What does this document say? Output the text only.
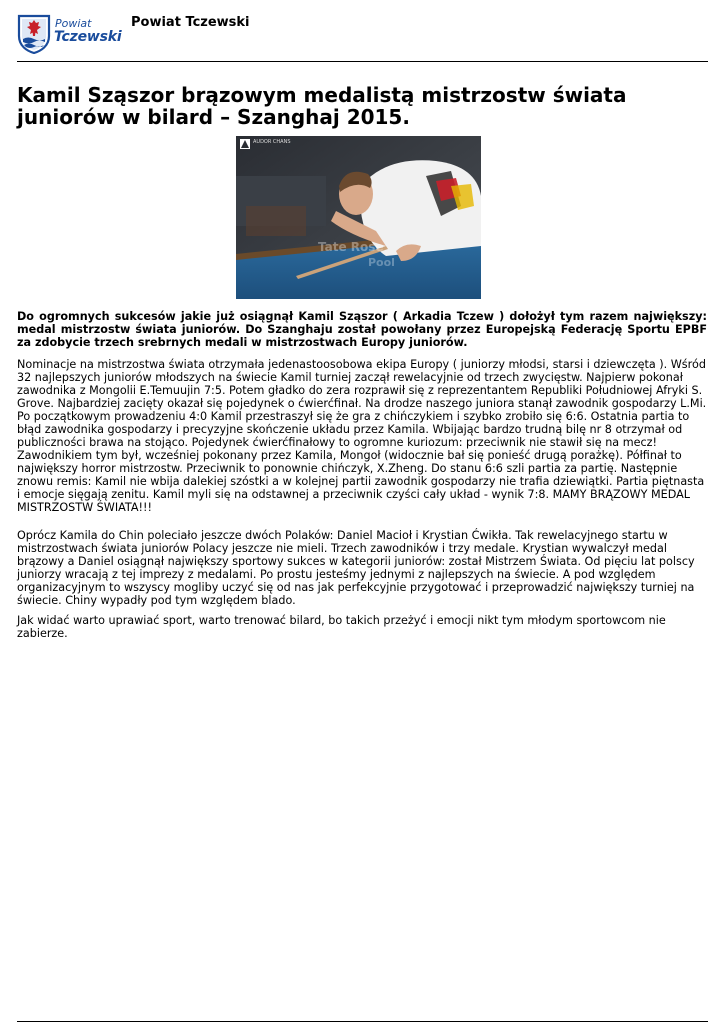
Powiat
Tczewski
Powiat Tczewski
Kamil Sząszor brązowym medalistą mistrzostw świata juniorów w bilard – Szanghaj 2015.
AUDOR CHANS
Tate Rose
Pool

Do ogromnych sukcesów jakie już osiągnął Kamil Sząszor ( Arkadia Tczew ) dołożył tym razem największy: medal mistrzostw świata juniorów. Do Szanghaju został powołany przez Europejską Federację Sportu EPBF za zdobycie trzech srebrnych medali w mistrzostwach Europy juniorów.

Nominacje na mistrzostwa świata otrzymała jedenastoosobowa ekipa Europy ( juniorzy młodsi, starsi i dziewczęta ). Wśród 32 najlepszych juniorów młodszych na świecie Kamil turniej zaczął rewelacyjnie od trzech zwycięstw. Najpierw pokonał zawodnika z Mongolii E.Temuujin 7:5. Potem gładko do zera rozprawił się z reprezentantem Republiki Południowej Afryki S. Grove. Najbardziej zacięty okazał się pojedynek o ćwierćfinał. Na drodze naszego juniora stanął zawodnik gospodarzy L.Mi. Po początkowym prowadzeniu 4:0 Kamil przestraszył się że gra z chińczykiem i szybko zrobiło się 6:6. Ostatnia partia to błąd zawodnika gospodarzy i precyzyjne skończenie układu przez Kamila. Wbijając bardzo trudną bilę nr 8 otrzymał od publiczności brawa na stojąco. Pojedynek ćwierćfinałowy to ogromne kuriozum: przeciwnik nie stawił się na mecz! Zawodnikiem tym był, wcześniej pokonany przez Kamila, Mongoł (widocznie bał się ponieść drugą porażkę). Półfinał to największy horror mistrzostw. Przeciwnik to ponownie chińczyk, X.Zheng. Do stanu 6:6 szli partia za partię. Następnie znowu remis: Kamil nie wbija dalekiej szóstki a w kolejnej partii zawodnik gospodarzy nie trafia dziewiątki. Partia piętnasta i emocje sięgają zenitu. Kamil myli się na odstawnej a przeciwnik czyści cały układ - wynik 7:8. MAMY BRĄZOWY MEDAL MISTRZOSTW ŚWIATA!!!

Oprócz Kamila do Chin poleciało jeszcze dwóch Polaków: Daniel Macioł i Krystian Ćwikła. Tak rewelacyjnego startu w mistrzostwach świata juniorów Polacy jeszcze nie mieli. Trzech zawodników i trzy medale. Krystian wywalczył medal brązowy a Daniel osiągnął największy sportowy sukces w kategorii juniorów: został Mistrzem Świata. Od pięciu lat polscy juniorzy wracają z tej imprezy z medalami. Po prostu jesteśmy jednymi z najlepszych na świecie. A pod względem organizacyjnym to wszyscy mogliby uczyć się od nas jak perfekcyjnie przygotować i przeprowadzić największy turniej na świecie. Chiny wypadły pod tym względem blado.

Jak widać warto uprawiać sport, warto trenować bilard, bo takich przeżyć i emocji nikt tym młodym sportowcom nie zabierze.
